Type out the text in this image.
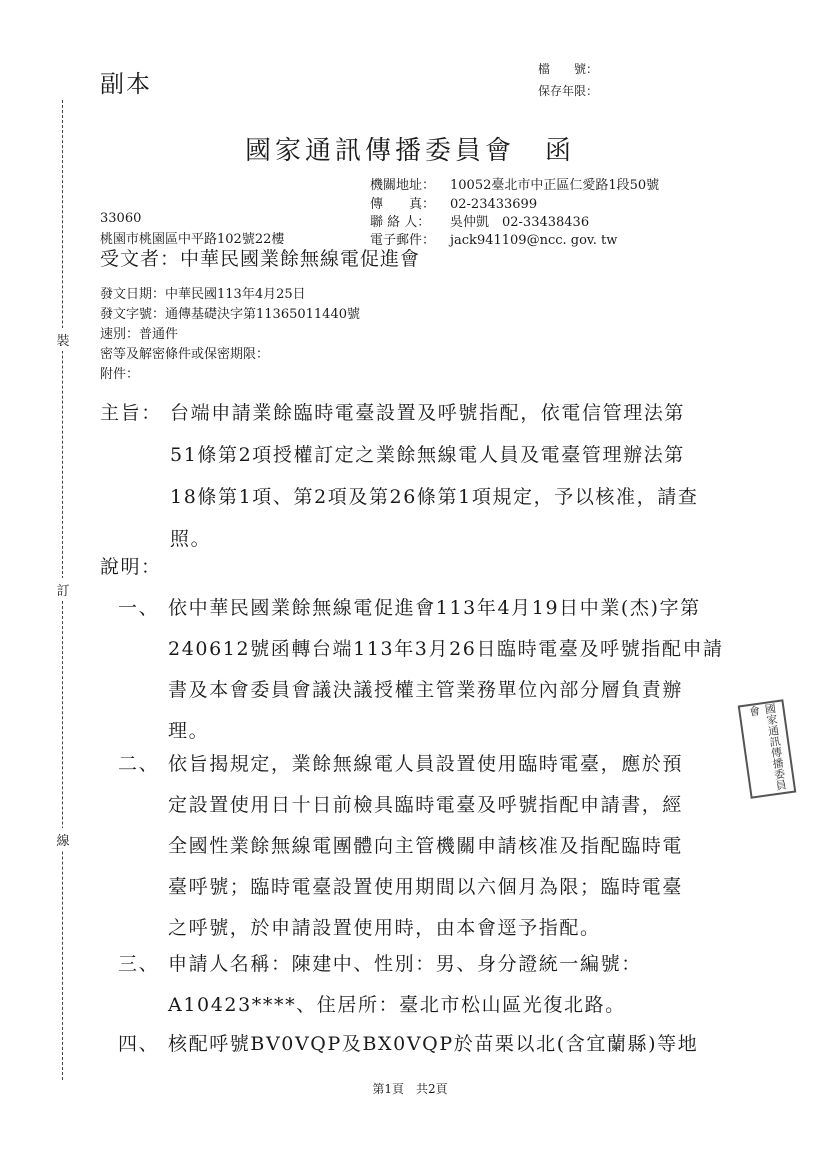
副本
檔　　號：
保存年限：
國家通訊傳播委員會　函
機關地址： 10052臺北市中正區仁愛路1段50號
傳　　真： 02-23433699
聯 絡 人： 吳仲凱　02-33438436
電子郵件： jack941109@ncc. gov. tw
33060
桃園市桃園區中平路102號22樓
受文者：中華民國業餘無線電促進會
發文日期：中華民國113年4月25日
發文字號：通傳基礎決字第11365011440號
速別：普通件
密等及解密條件或保密期限：
附件：
裝
訂
線
主旨： 台端申請業餘臨時電臺設置及呼號指配，依電信管理法第
51條第2項授權訂定之業餘無線電人員及電臺管理辦法第
18條第1項、第2項及第26條第1項規定，予以核准，請查
照。
說明：
一、 依中華民國業餘無線電促進會113年4月19日中業(杰)字第
240612號函轉台端113年3月26日臨時電臺及呼號指配申請
書及本會委員會議決議授權主管業務單位內部分層負責辦
理。
二、 依旨揭規定，業餘無線電人員設置使用臨時電臺，應於預
定設置使用日十日前檢具臨時電臺及呼號指配申請書，經
全國性業餘無線電團體向主管機關申請核准及指配臨時電
臺呼號；臨時電臺設置使用期間以六個月為限；臨時電臺
之呼號，於申請設置使用時，由本會逕予指配。
三、 申請人名稱：陳建中、性別：男、身分證統一編號：
A10423****、住居所：臺北市松山區光復北路。
四、 核配呼號BV0VQP及BX0VQP於苗栗以北(含宜蘭縣)等地
國家通訊傳播委員會
第1頁　共2頁
